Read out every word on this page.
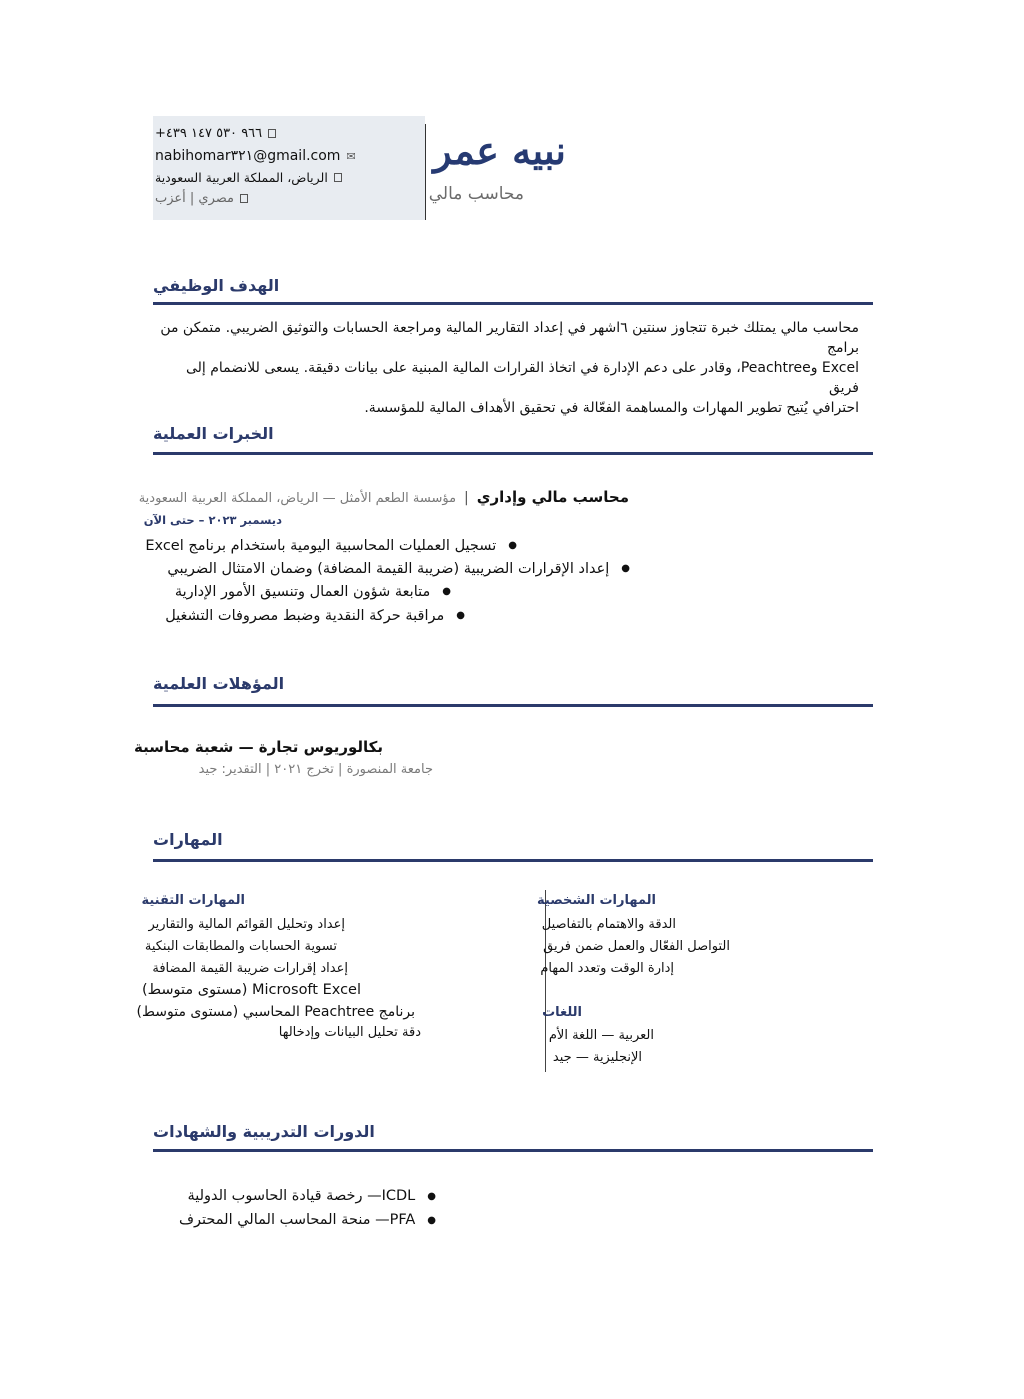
+٩٦٦ ٥٣٠ ١٤٧ ٤٣٩
nabihomar٣٢١@gmail.com ✉
الرياض، المملكة العربية السعودية
مصري | أعزب
نبيه عمر
محاسب مالي
الهدف الوظيفي
محاسب مالي يمتلك خبرة تتجاوز سنتين ٦اشهر في إعداد التقارير المالية ومراجعة الحسابات والتوثيق الضريبي. متمكن من برامج
Excel وPeachtree، وقادر على دعم الإدارة في اتخاذ القرارات المالية المبنية على بيانات دقيقة. يسعى للانضمام إلى فريق
احترافي يُتيح تطوير المهارات والمساهمة الفعّالة في تحقيق الأهداف المالية للمؤسسة.
الخبرات العملية
محاسب مالي وإداري
|
مؤسسة الطعم الأمثل — الرياض، المملكة العربية السعودية
ديسمبر ٢٠٢٣ – حتى الآن
●
تسجيل العمليات المحاسبية اليومية باستخدام برنامج Excel
●
إعداد الإقرارات الضريبية (ضريبة القيمة المضافة) وضمان الامتثال الضريبي
●
متابعة شؤون العمال وتنسيق الأمور الإدارية
●
مراقبة حركة النقدية وضبط مصروفات التشغيل
المؤهلات العلمية
بكالوريوس تجارة — شعبة محاسبة
جامعة المنصورة | تخرج ٢٠٢١ | التقدير: جيد
المهارات
المهارات التقنية
إعداد وتحليل القوائم المالية والتقارير
تسوية الحسابات والمطابقات البنكية
إعداد إقرارات ضريبة القيمة المضافة
Microsoft Excel (مستوى متوسط)
برنامج Peachtree المحاسبي (مستوى متوسط)
دقة تحليل البيانات وإدخالها
المهارات الشخصية
الدقة والاهتمام بالتفاصيل
التواصل الفعّال والعمل ضمن فريق
إدارة الوقت وتعدد المهام
اللغات
العربية — اللغة الأم
الإنجليزية — جيد
الدورات التدريبية والشهادات
●
ICDL— رخصة قيادة الحاسوب الدولية
●
PFA— منحة المحاسب المالي المحترف
